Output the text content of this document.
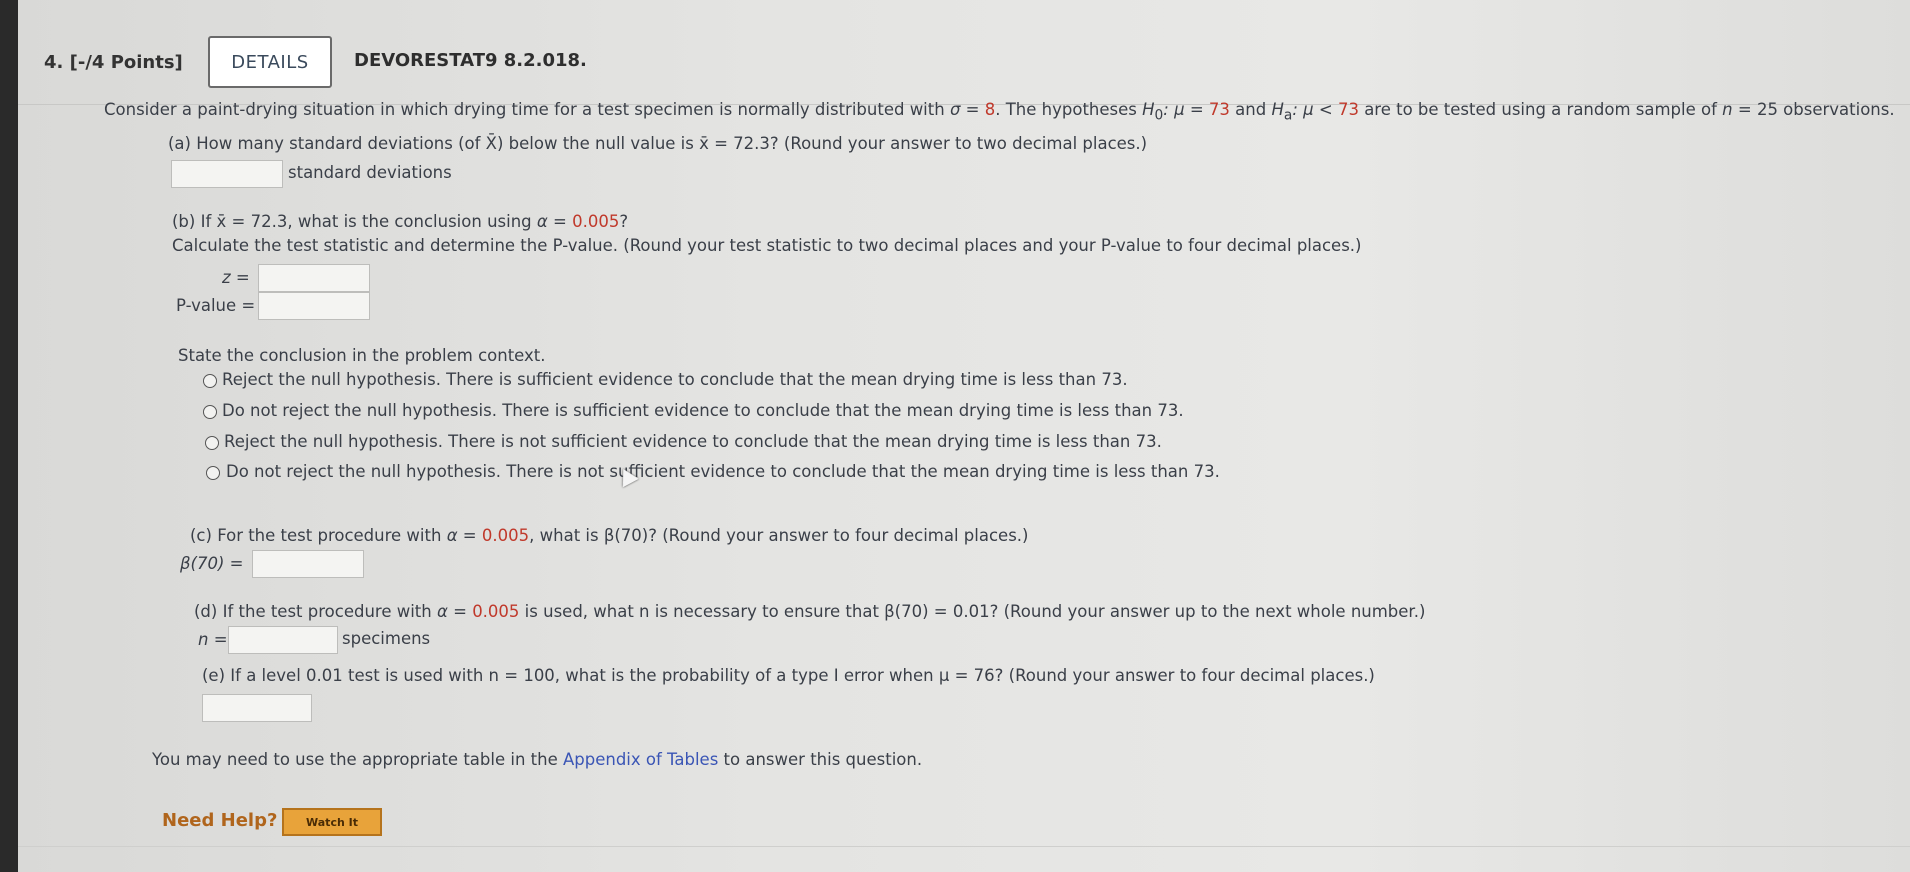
4. [-/4 Points]	DETAILS	DEVORESTAT9 8.2.018.
Consider a paint-drying situation in which drying time for a test specimen is normally distributed with σ = 8. The hypotheses $H_0$: μ = 73 and $H_a$: μ < 73 are to be tested using a random sample of n = 25 observations.
(a) How many standard deviations (of X̄) below the null value is x̄ = 72.3? (Round your answer to two decimal places.)
standard deviations
(b) If x̄ = 72.3, what is the conclusion using α = 0.005?
Calculate the test statistic and determine the P-value. (Round your test statistic to two decimal places and your P-value to four decimal places.)
z =
P-value =
State the conclusion in the problem context.
Reject the null hypothesis. There is sufficient evidence to conclude that the mean drying time is less than 73.
Do not reject the null hypothesis. There is sufficient evidence to conclude that the mean drying time is less than 73.
Reject the null hypothesis. There is not sufficient evidence to conclude that the mean drying time is less than 73.
Do not reject the null hypothesis. There is not sufficient evidence to conclude that the mean drying time is less than 73.
(c) For the test procedure with α = 0.005, what is β(70)? (Round your answer to four decimal places.)
β(70) =
(d) If the test procedure with α = 0.005 is used, what n is necessary to ensure that β(70) = 0.01? (Round your answer up to the next whole number.)
n =	specimens
(e) If a level 0.01 test is used with n = 100, what is the probability of a type I error when μ = 76? (Round your answer to four decimal places.)
You may need to use the appropriate table in the Appendix of Tables to answer this question.
Need Help?	Watch It
